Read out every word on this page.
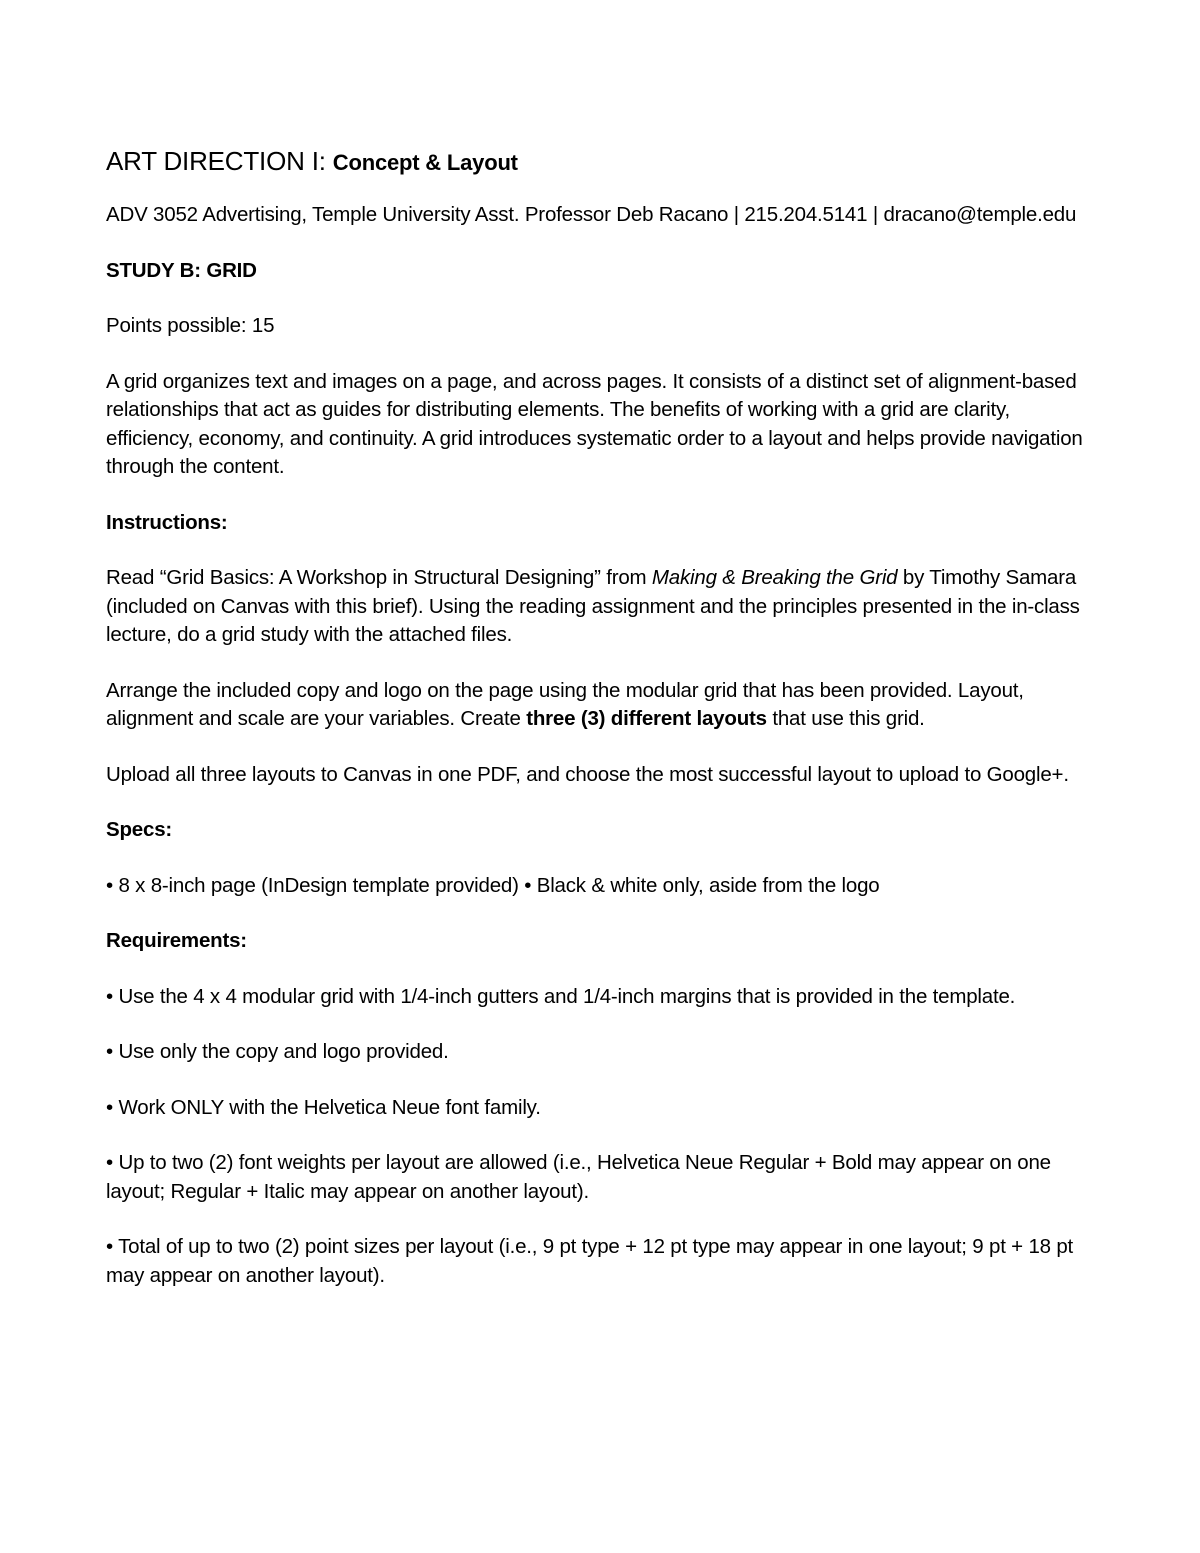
ART DIRECTION I: Concept & Layout

ADV 3052 Advertising, Temple University Asst. Professor Deb Racano | 215.204.5141 | dracano@temple.edu

STUDY B: GRID

Points possible: 15

A grid organizes text and images on a page, and across pages. It consists of a distinct set of alignment-based relationships that act as guides for distributing elements. The benefits of working with a grid are clarity, efficiency, economy, and continuity. A grid introduces systematic order to a layout and helps provide navigation through the content.

Instructions:

Read “Grid Basics: A Workshop in Structural Designing” from Making & Breaking the Grid by Timothy Samara (included on Canvas with this brief). Using the reading assignment and the principles presented in the in-class lecture, do a grid study with the attached files.

Arrange the included copy and logo on the page using the modular grid that has been provided. Layout, alignment and scale are your variables. Create three (3) different layouts that use this grid.

Upload all three layouts to Canvas in one PDF, and choose the most successful layout to upload to Google+.

Specs:

• 8 x 8-inch page (InDesign template provided) • Black & white only, aside from the logo

Requirements:

• Use the 4 x 4 modular grid with 1/4-inch gutters and 1/4-inch margins that is provided in the template.

• Use only the copy and logo provided.

• Work ONLY with the Helvetica Neue font family.

• Up to two (2) font weights per layout are allowed (i.e., Helvetica Neue Regular + Bold may appear on one layout; Regular + Italic may appear on another layout).

• Total of up to two (2) point sizes per layout (i.e., 9 pt type + 12 pt type may appear in one layout; 9 pt + 18 pt may appear on another layout).
